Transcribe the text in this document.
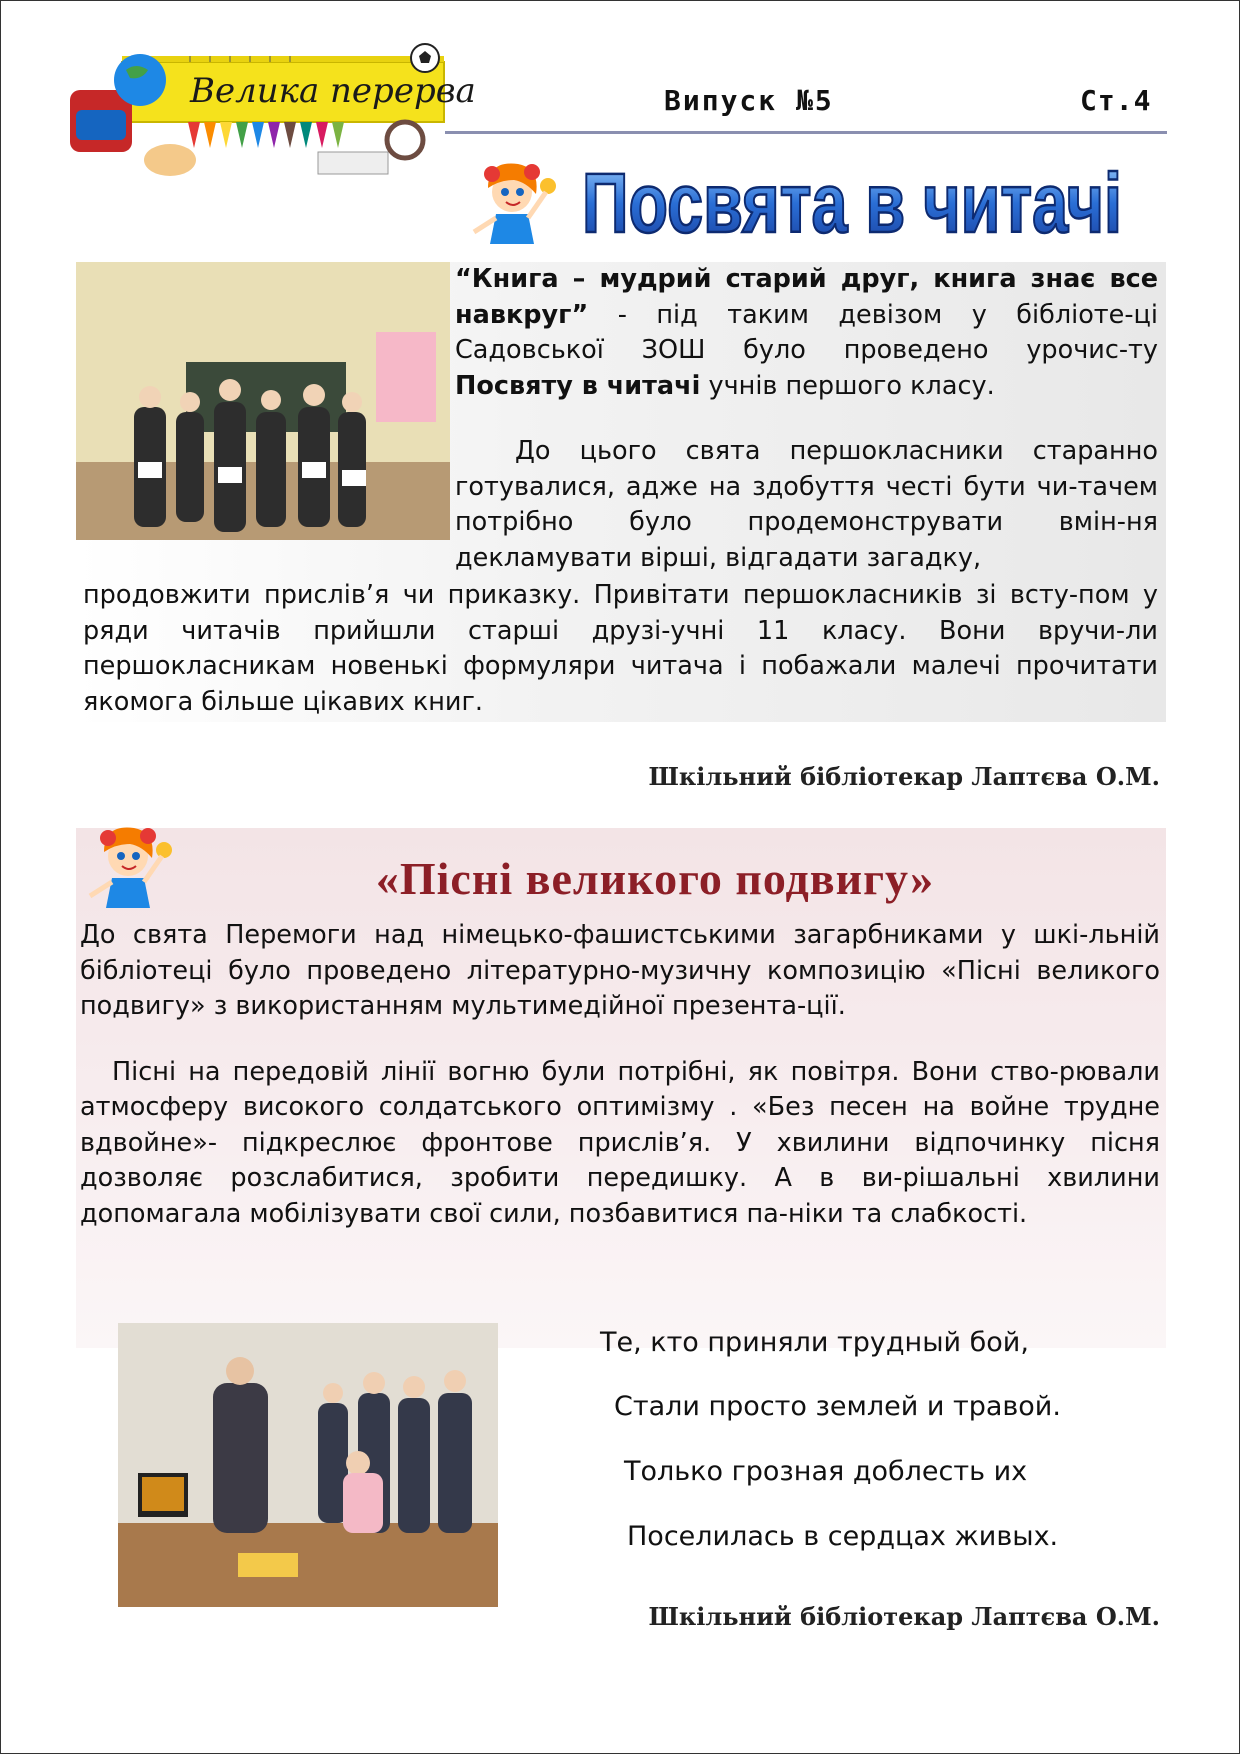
Велика перерва	Випуск №5	Ст.4
Посвята в читачі

“Книга – мудрий старий друг, книга знає все навкруг” - під таким девізом у бібліоте-ці Садовської ЗОШ було проведено урочис-ту Посвяту в читачі учнів першого класу.

До цього свята першокласники старанно готувалися, адже на здобуття честі бути чи-тачем потрібно було продемонструвати вмін-ня декламувати вірші, відгадати загадку,

продовжити прислів’я чи приказку. Привітати першокласників зі всту-пом у ряди читачів прийшли старші друзі-учні 11 класу. Вони вручи-ли першокласникам новенькі формуляри читача і побажали малечі прочитати якомога більше цікавих книг.
Шкільний бібліотекар Лаптєва О.М.
«Пісні великого подвигу»

До свята Перемоги над німецько-фашистськими загарбниками у шкі-льній бібліотеці було проведено літературно-музичну композицію «Пісні великого подвигу» з використанням мультимедійної презента-ції.

Пісні на передовій лінії вогню були потрібні, як повітря. Вони ство-рювали атмосферу високого солдатського оптимізму . «Без песен на войне трудне вдвойне»- підкреслює фронтове прислів’я. У хвилини відпочинку пісня дозволяє розслабитися, зробити передишку. А в ви-рішальні хвилини допомагала мобілізувати свої сили, позбавитися па-ніки та слабкості.

Те, кто приняли трудный бой,
Стали просто землей и травой.
Только грозная доблесть их
Поселилась в сердцах живых.
Шкільний бібліотекар Лаптєва О.М.
